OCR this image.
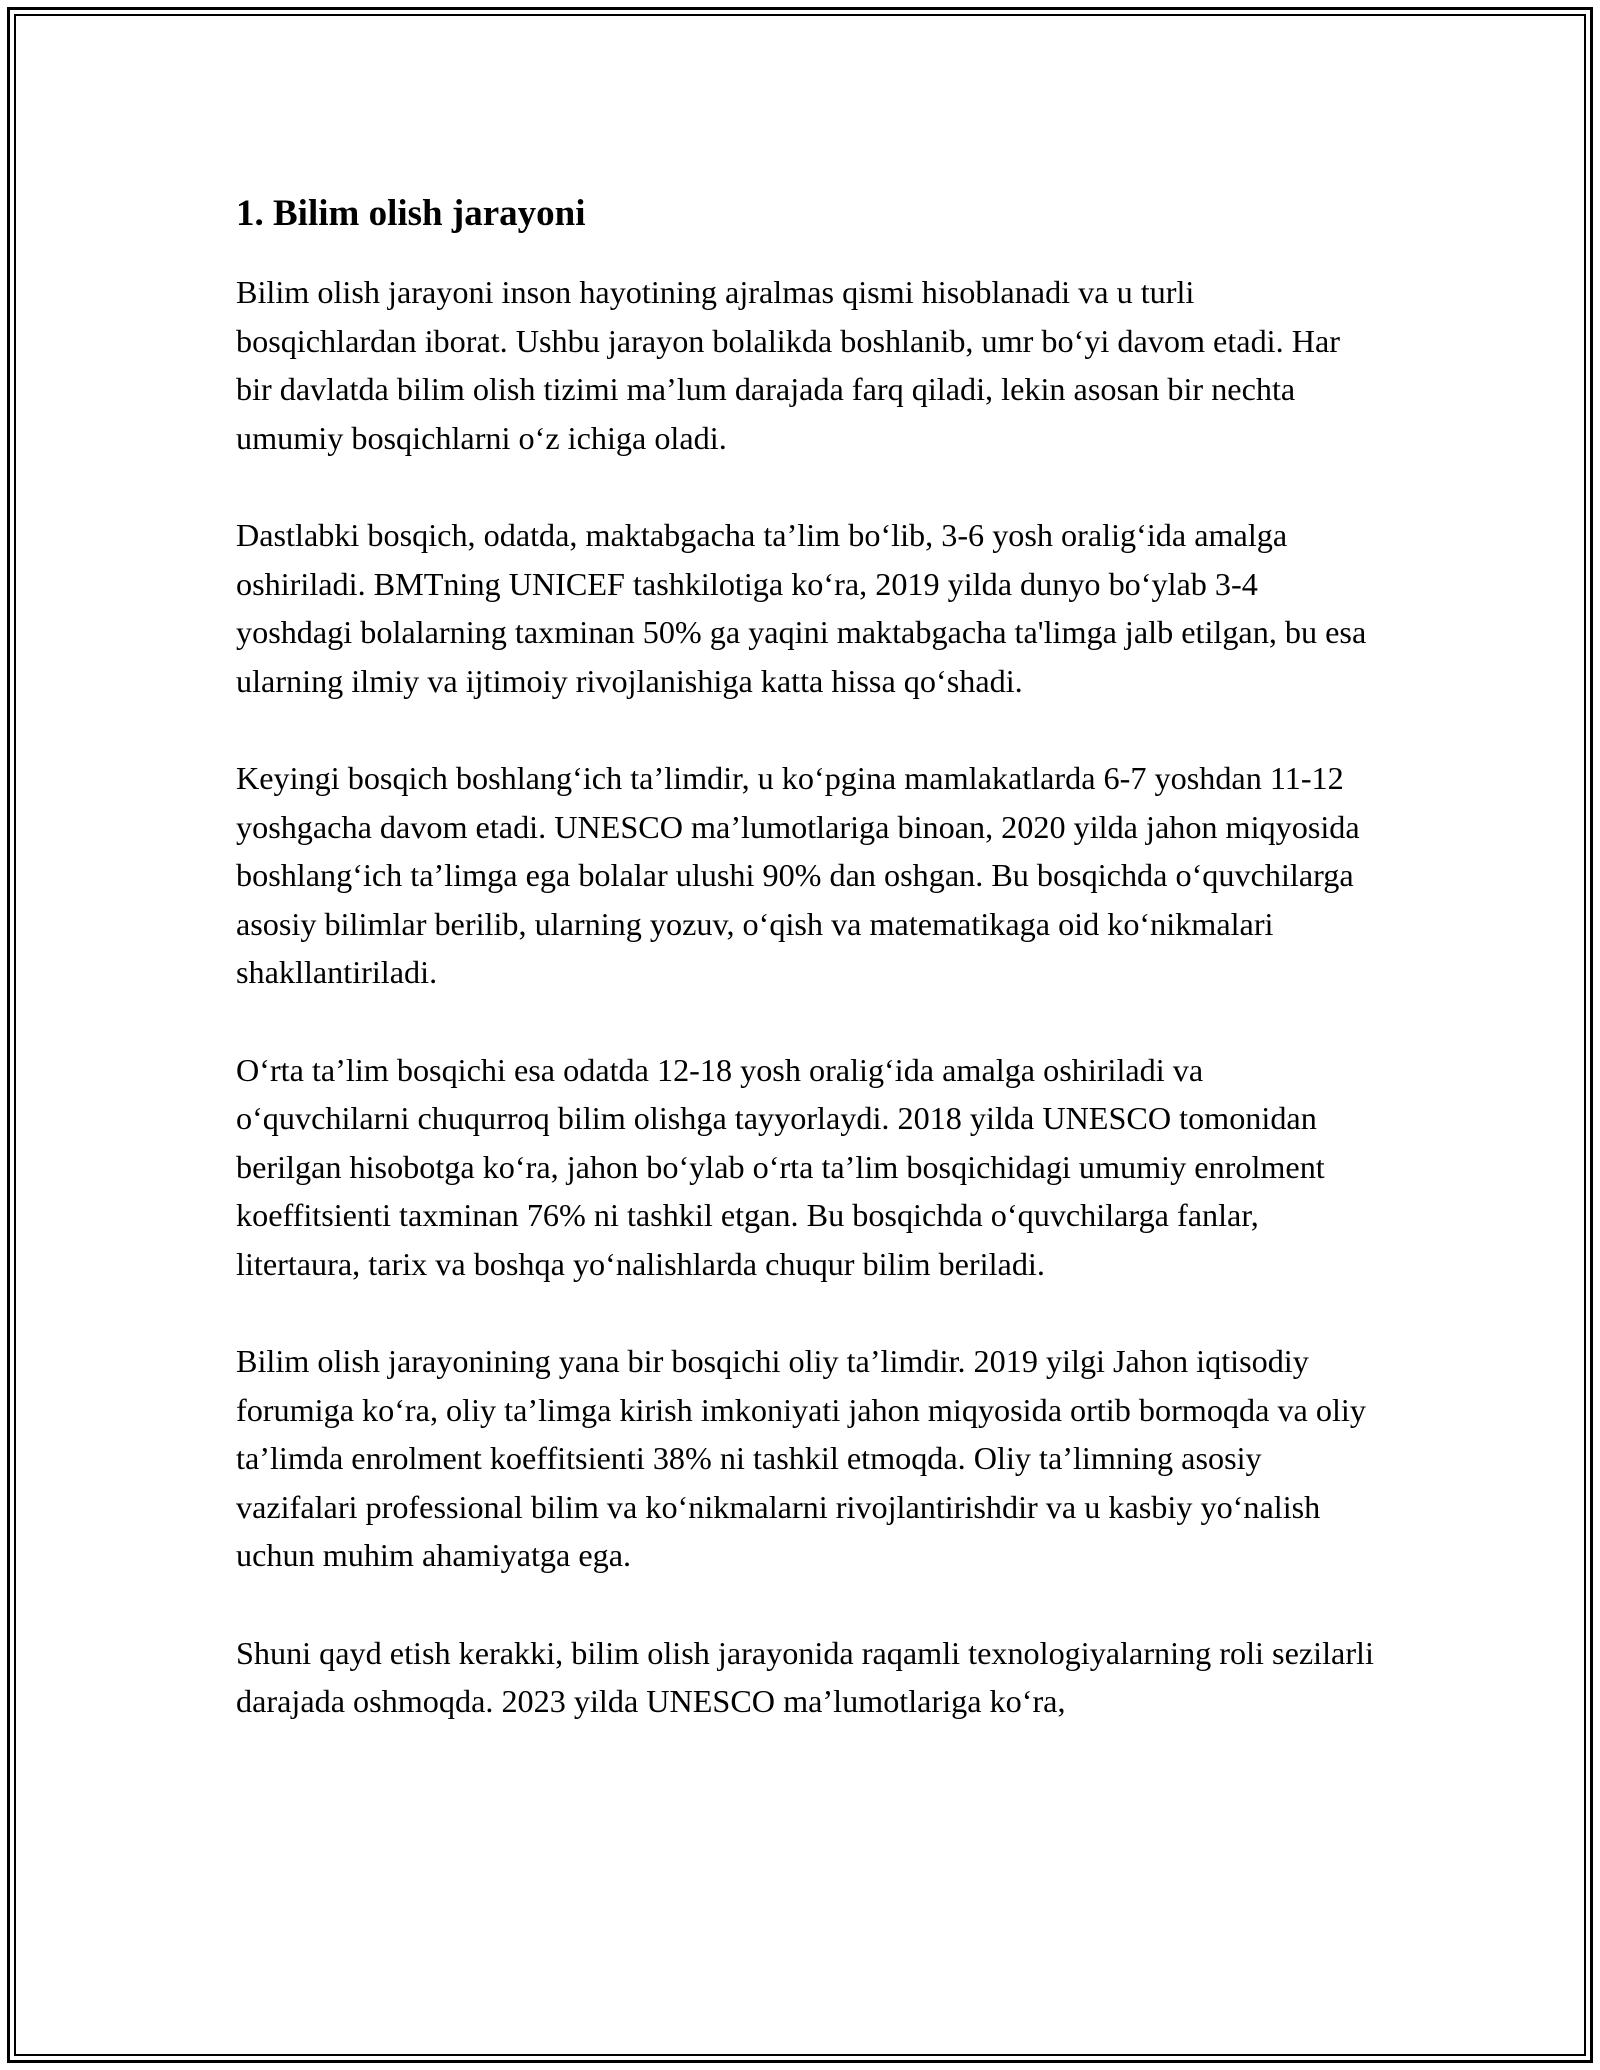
1. Bilim olish jarayoni

Bilim olish jarayoni inson hayotining ajralmas qismi hisoblanadi va u turli bosqichlardan iborat. Ushbu jarayon bolalikda boshlanib, umr boʻyi davom etadi. Har bir davlatda bilim olish tizimi maʼlum darajada farq qiladi, lekin asosan bir nechta umumiy bosqichlarni oʻz ichiga oladi.

Dastlabki bosqich, odatda, maktabgacha taʼlim boʻlib, 3-6 yosh oraligʻida amalga oshiriladi. BMTning UNICEF tashkilotiga koʻra, 2019 yilda dunyo boʻylab 3-4 yoshdagi bolalarning taxminan 50% ga yaqini maktabgacha ta'limga jalb etilgan, bu esa ularning ilmiy va ijtimoiy rivojlanishiga katta hissa qoʻshadi.

Keyingi bosqich boshlangʻich taʼlimdir, u koʻpgina mamlakatlarda 6-7 yoshdan 11-12 yoshgacha davom etadi. UNESCO maʼlumotlariga binoan, 2020 yilda jahon miqyosida boshlangʻich taʼlimga ega bolalar ulushi 90% dan oshgan. Bu bosqichda oʻquvchilarga asosiy bilimlar berilib, ularning yozuv, oʻqish va matematikaga oid koʻnikmalari shakllantiriladi.

Oʻrta taʼlim bosqichi esa odatda 12-18 yosh oraligʻida amalga oshiriladi va oʻquvchilarni chuqurroq bilim olishga tayyorlaydi. 2018 yilda UNESCO tomonidan berilgan hisobotga koʻra, jahon boʻylab oʻrta taʼlim bosqichidagi umumiy enrolment koeffitsienti taxminan 76% ni tashkil etgan. Bu bosqichda oʻquvchilarga fanlar, litertaura, tarix va boshqa yoʻnalishlarda chuqur bilim beriladi.

Bilim olish jarayonining yana bir bosqichi oliy taʼlimdir. 2019 yilgi Jahon iqtisodiy forumiga koʻra, oliy taʼlimga kirish imkoniyati jahon miqyosida ortib bormoqda va oliy taʼlimda enrolment koeffitsienti 38% ni tashkil etmoqda. Oliy taʼlimning asosiy vazifalari professional bilim va koʻnikmalarni rivojlantirishdir va u kasbiy yoʻnalish uchun muhim ahamiyatga ega.

Shuni qayd etish kerakki, bilim olish jarayonida raqamli texnologiyalarning roli sezilarli darajada oshmoqda. 2023 yilda UNESCO maʼlumotlariga koʻra,
